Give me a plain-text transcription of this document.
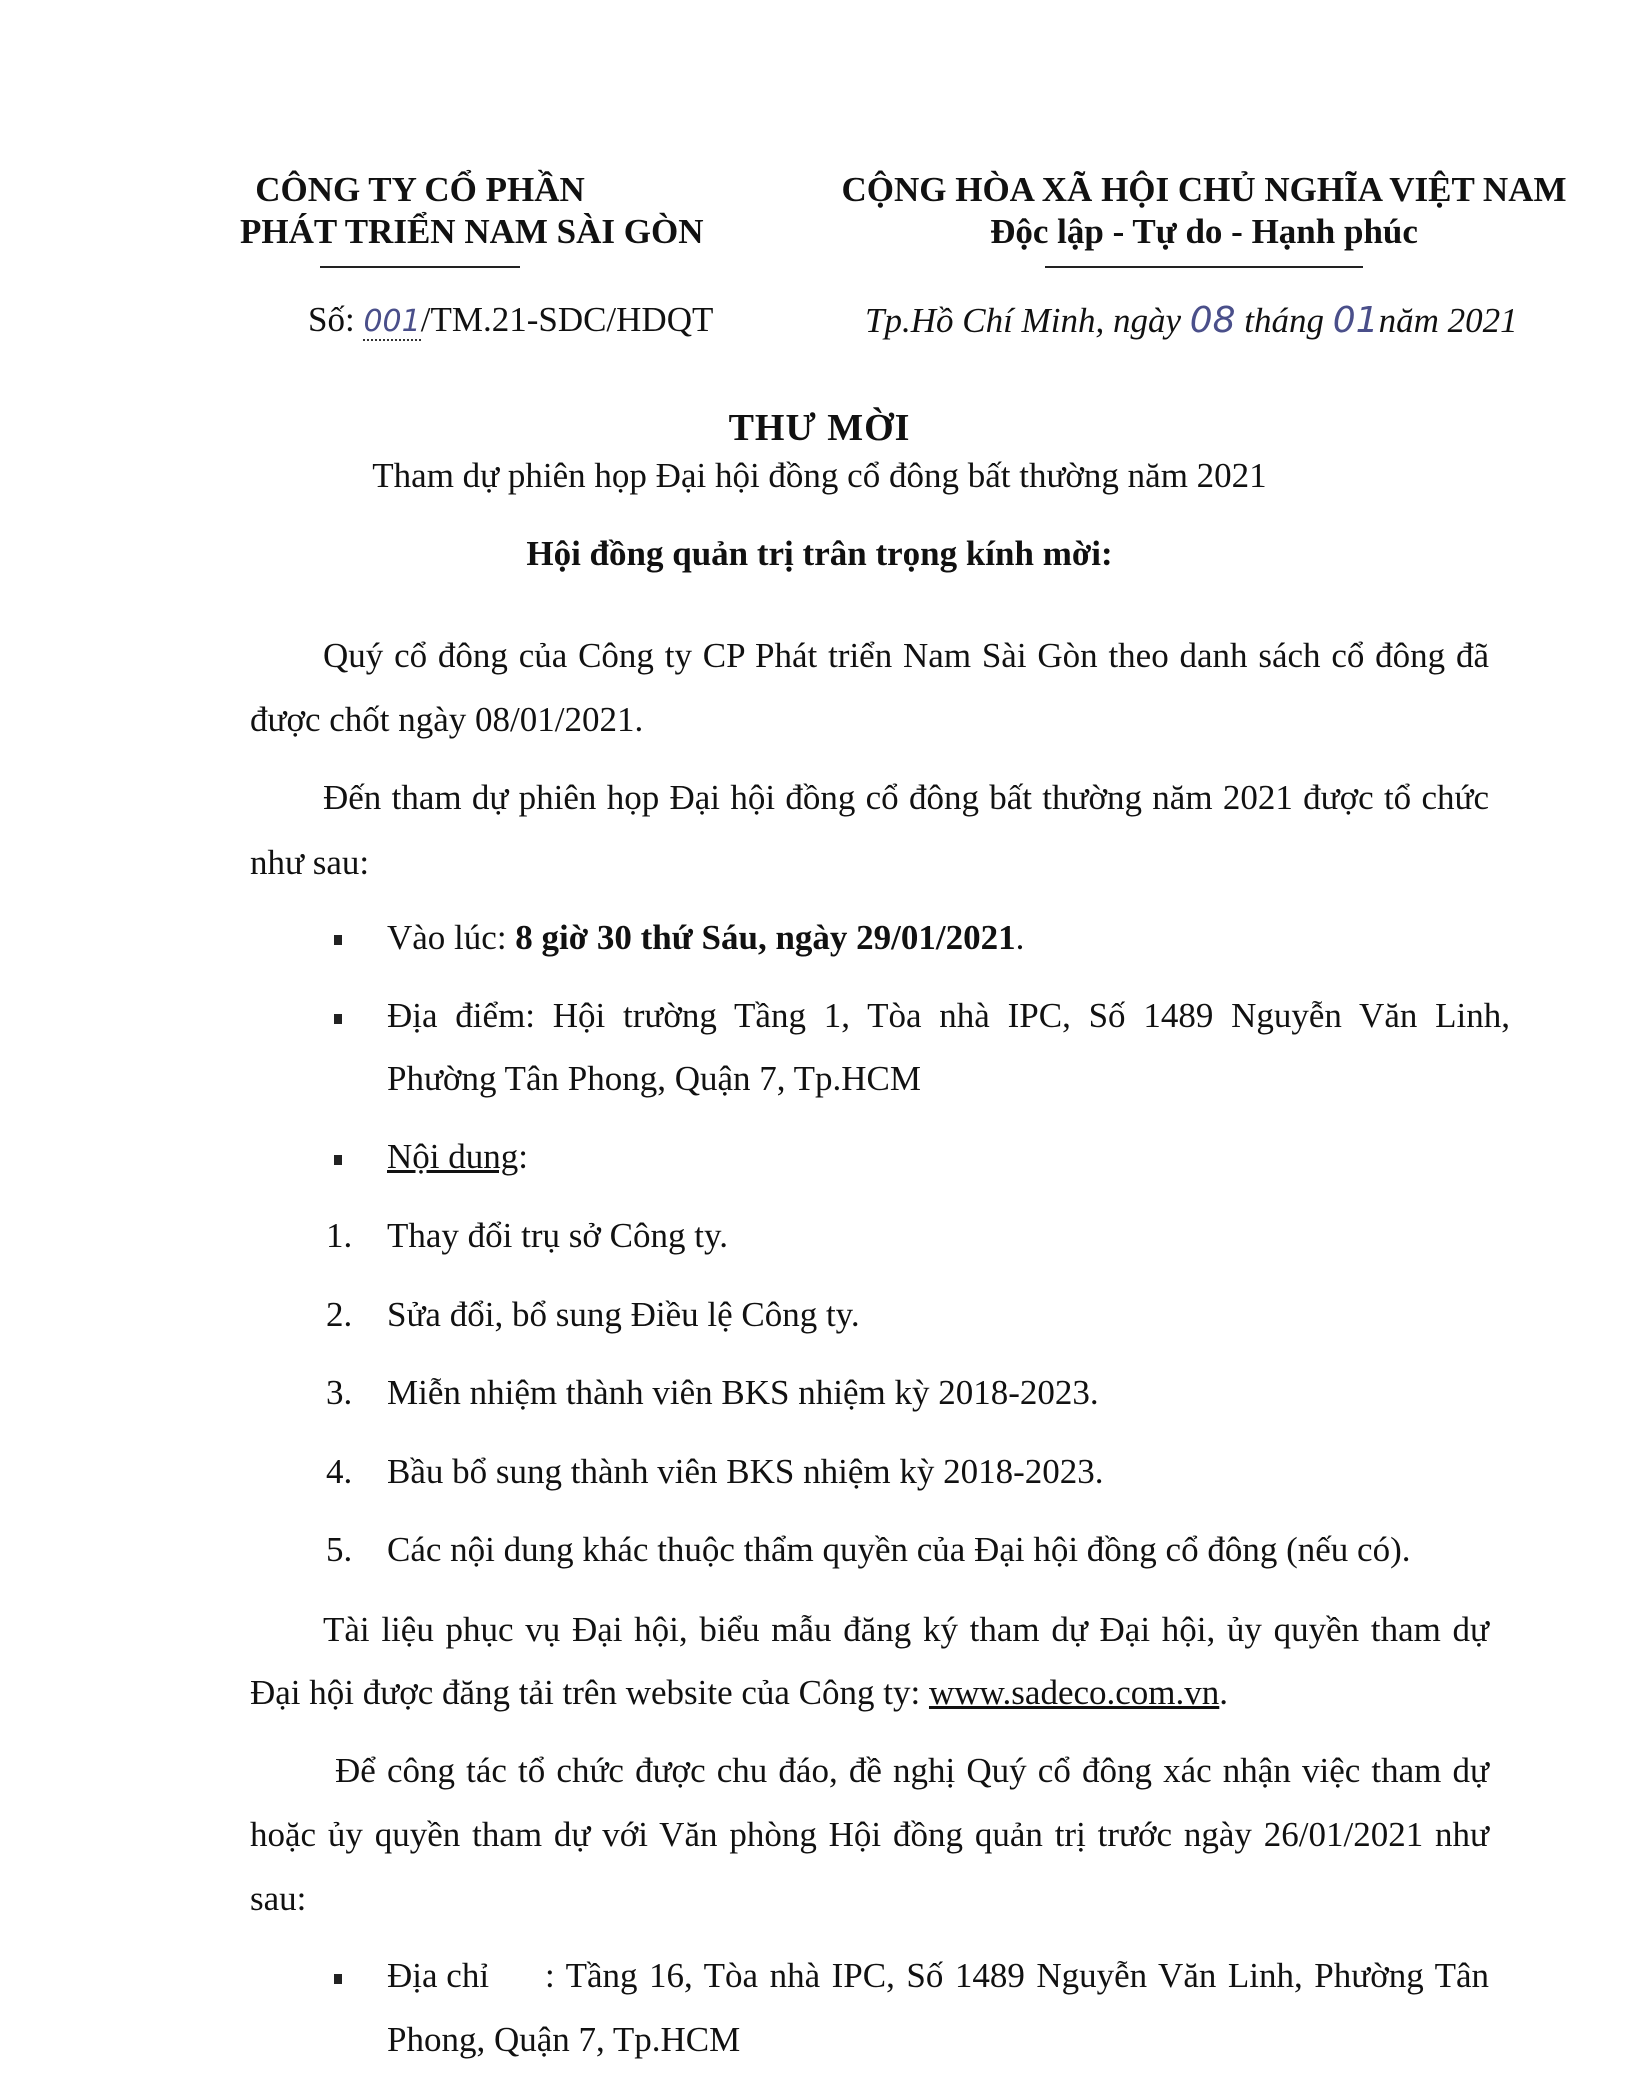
CÔNG TY CỔ PHẦN
PHÁT TRIỂN NAM SÀI GÒN
CỘNG HÒA XÃ HỘI CHỦ NGHĨA VIỆT NAM
Độc lập - Tự do - Hạnh phúc
Số: 001/TM.21-SDC/HDQT	Tp.Hồ Chí Minh, ngày 08 tháng 01năm 2021
THƯ MỜI
Tham dự phiên họp Đại hội đồng cổ đông bất thường năm 2021
Hội đồng quản trị trân trọng kính mời:
Quý cổ đông của Công ty CP Phát triển Nam Sài Gòn theo danh sách cổ đông đã
được chốt ngày 08/01/2021.
Đến tham dự phiên họp Đại hội đồng cổ đông bất thường năm 2021 được tổ chức
như sau:
Vào lúc: 8 giờ 30 thứ Sáu, ngày 29/01/2021.
Địa điểm: Hội trường Tầng 1, Tòa nhà IPC, Số 1489 Nguyễn Văn Linh,
Phường Tân Phong, Quận 7, Tp.HCM
Nội dung:
1. Thay đổi trụ sở Công ty.
2. Sửa đổi, bổ sung Điều lệ Công ty.
3. Miễn nhiệm thành viên BKS nhiệm kỳ 2018-2023.
4. Bầu bổ sung thành viên BKS nhiệm kỳ 2018-2023.
5. Các nội dung khác thuộc thẩm quyền của Đại hội đồng cổ đông (nếu có).
Tài liệu phục vụ Đại hội, biểu mẫu đăng ký tham dự Đại hội, ủy quyền tham dự
Đại hội được đăng tải trên website của Công ty: www.sadeco.com.vn.
Để công tác tổ chức được chu đáo, đề nghị Quý cổ đông xác nhận việc tham dự
hoặc ủy quyền tham dự với Văn phòng Hội đồng quản trị trước ngày 26/01/2021 như
sau:
Địa chỉ : Tầng 16, Tòa nhà IPC, Số 1489 Nguyễn Văn Linh, Phường Tân
Phong, Quận 7, Tp.HCM
